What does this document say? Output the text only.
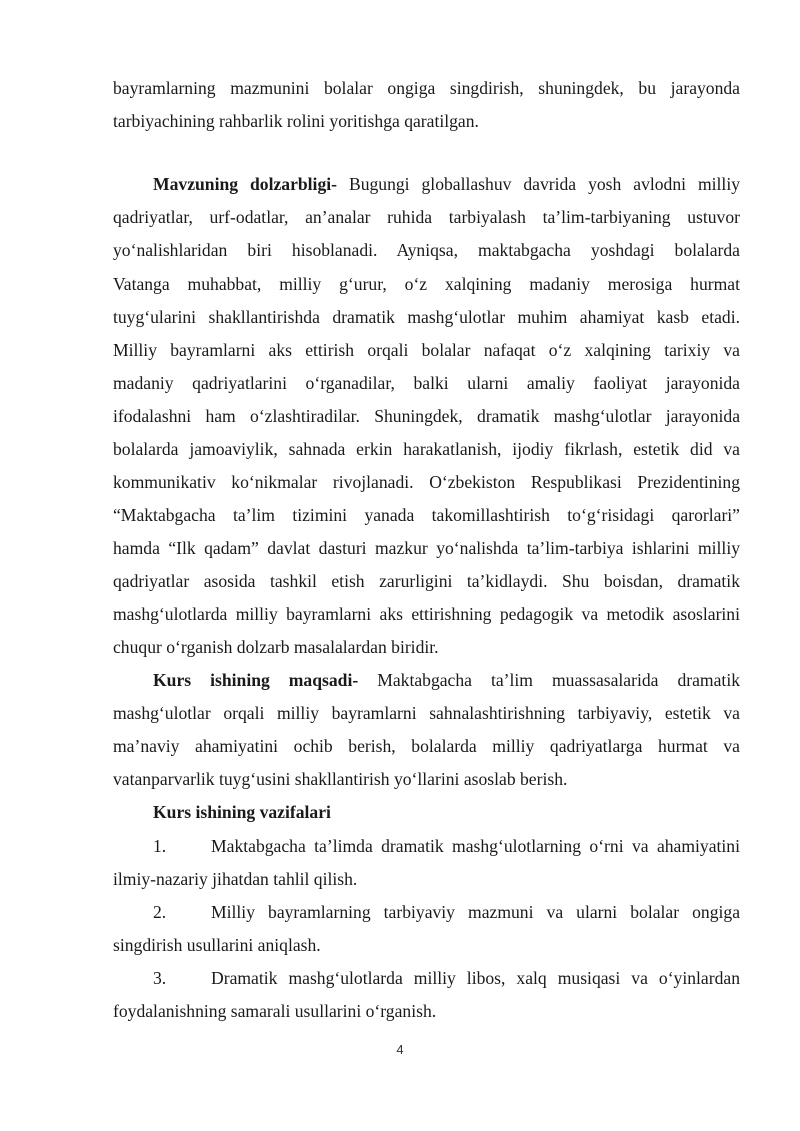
bayramlarning mazmunini bolalar ongiga singdirish, shuningdek, bu jarayonda
tarbiyachining rahbarlik rolini yoritishga qaratilgan.
Mavzuning dolzarbligi- Bugungi globallashuv davrida yosh avlodni milliy
qadriyatlar, urf-odatlar, an’analar ruhida tarbiyalash ta’lim-tarbiyaning ustuvor
yo‘nalishlaridan biri hisoblanadi. Ayniqsa, maktabgacha yoshdagi bolalarda
Vatanga muhabbat, milliy g‘urur, o‘z xalqining madaniy merosiga hurmat
tuyg‘ularini shakllantirishda dramatik mashg‘ulotlar muhim ahamiyat kasb etadi.
Milliy bayramlarni aks ettirish orqali bolalar nafaqat o‘z xalqining tarixiy va
madaniy qadriyatlarini o‘rganadilar, balki ularni amaliy faoliyat jarayonida
ifodalashni ham o‘zlashtiradilar. Shuningdek, dramatik mashg‘ulotlar jarayonida
bolalarda jamoaviylik, sahnada erkin harakatlanish, ijodiy fikrlash, estetik did va
kommunikativ ko‘nikmalar rivojlanadi. O‘zbekiston Respublikasi Prezidentining
“Maktabgacha ta’lim tizimini yanada takomillashtirish to‘g‘risidagi qarorlari”
hamda “Ilk qadam” davlat dasturi mazkur yo‘nalishda ta’lim-tarbiya ishlarini milliy
qadriyatlar asosida tashkil etish zarurligini ta’kidlaydi. Shu boisdan, dramatik
mashg‘ulotlarda milliy bayramlarni aks ettirishning pedagogik va metodik asoslarini
chuqur o‘rganish dolzarb masalalardan biridir.
Kurs ishining maqsadi- Maktabgacha ta’lim muassasalarida dramatik
mashg‘ulotlar orqali milliy bayramlarni sahnalashtirishning tarbiyaviy, estetik va
ma’naviy ahamiyatini ochib berish, bolalarda milliy qadriyatlarga hurmat va
vatanparvarlik tuyg‘usini shakllantirish yo‘llarini asoslab berish.
Kurs ishining vazifalari
1.	Maktabgacha ta’limda dramatik mashg‘ulotlarning o‘rni va ahamiyatini
ilmiy-nazariy jihatdan tahlil qilish.
2.	Milliy bayramlarning tarbiyaviy mazmuni va ularni bolalar ongiga
singdirish usullarini aniqlash.
3.	Dramatik mashg‘ulotlarda milliy libos, xalq musiqasi va o‘yinlardan
foydalanishning samarali usullarini o‘rganish.
4
